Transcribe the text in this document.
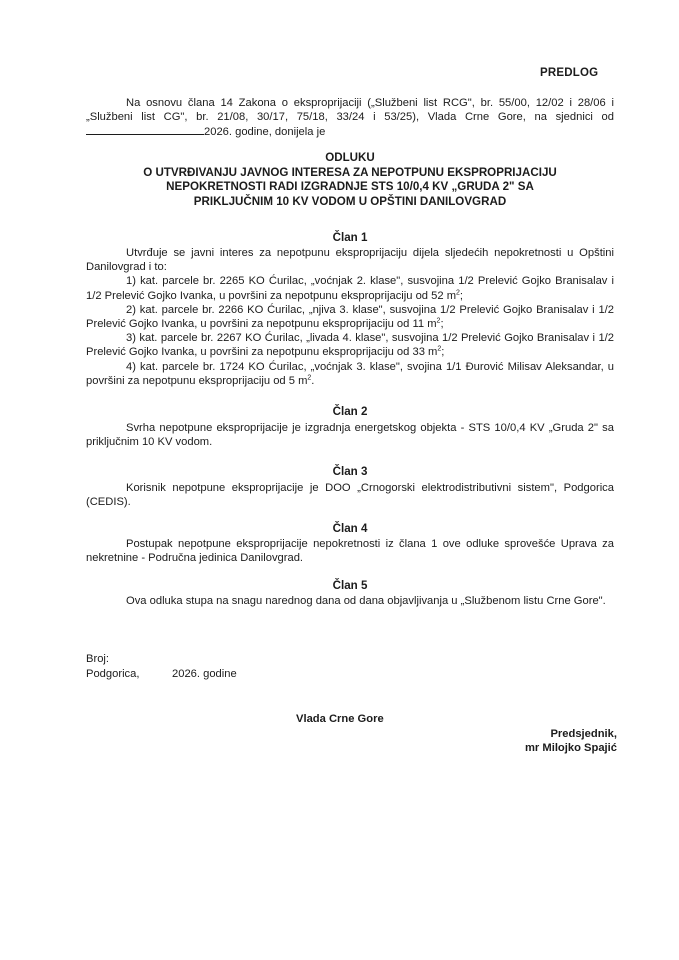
PREDLOG
Na osnovu člana 14 Zakona o eksproprijaciji („Službeni list RCG", br. 55/00, 12/02 i 28/06 i „Službeni list CG", br. 21/08, 30/17, 75/18, 33/24 i 53/25), Vlada Crne Gore, na sjednici od 2026. godine, donijela je
ODLUKU
O UTVRĐIVANJU JAVNOG INTERESA ZA NEPOTPUNU EKSPROPRIJACIJU
NEPOKRETNOSTI RADI IZGRADNJE STS 10/0,4 KV „GRUDA 2" SA
PRIKLJUČNIM 10 KV VODOM U OPŠTINI DANILOVGRAD
Član 1
Utvrđuje se javni interes za nepotpunu eksproprijaciju dijela sljedećih nepokretnosti u Opštini Danilovgrad i to:
1) kat. parcele br. 2265 KO Ćurilac, „voćnjak 2. klase", susvojina 1/2 Prelević Gojko Branisalav i 1/2 Prelević Gojko Ivanka, u površini za nepotpunu eksproprijaciju od 52 $m^2$;
2) kat. parcele br. 2266 KO Ćurilac, „njiva 3. klase", susvojina 1/2 Prelević Gojko Branisalav i 1/2 Prelević Gojko Ivanka, u površini za nepotpunu eksproprijaciju od 11 $m^2$;
3) kat. parcele br. 2267 KO Ćurilac, „livada 4. klase", susvojina 1/2 Prelević Gojko Branisalav i 1/2 Prelević Gojko Ivanka, u površini za nepotpunu eksproprijaciju od 33 $m^2$;
4) kat. parcele br. 1724 KO Ćurilac, „voćnjak 3. klase", svojina 1/1 Đurović Milisav Aleksandar, u površini za nepotpunu eksproprijaciju od 5 $m^2$.
Član 2
Svrha nepotpune eksproprijacije je izgradnja energetskog objekta - STS 10/0,4 KV „Gruda 2" sa priključnim 10 KV vodom.
Član 3
Korisnik nepotpune eksproprijacije je DOO „Crnogorski elektrodistributivni sistem", Podgorica (CEDIS).
Član 4
Postupak nepotpune eksproprijacije nepokretnosti iz člana 1 ove odluke sprovešće Uprava za nekretnine - Područna jedinica Danilovgrad.
Član 5
Ova odluka stupa na snagu narednog dana od dana objavljivanja u „Službenom listu Crne Gore".
Broj:
Podgorica,	2026. godine
Vlada Crne Gore
Predsjednik,
mr Milojko Spajić
